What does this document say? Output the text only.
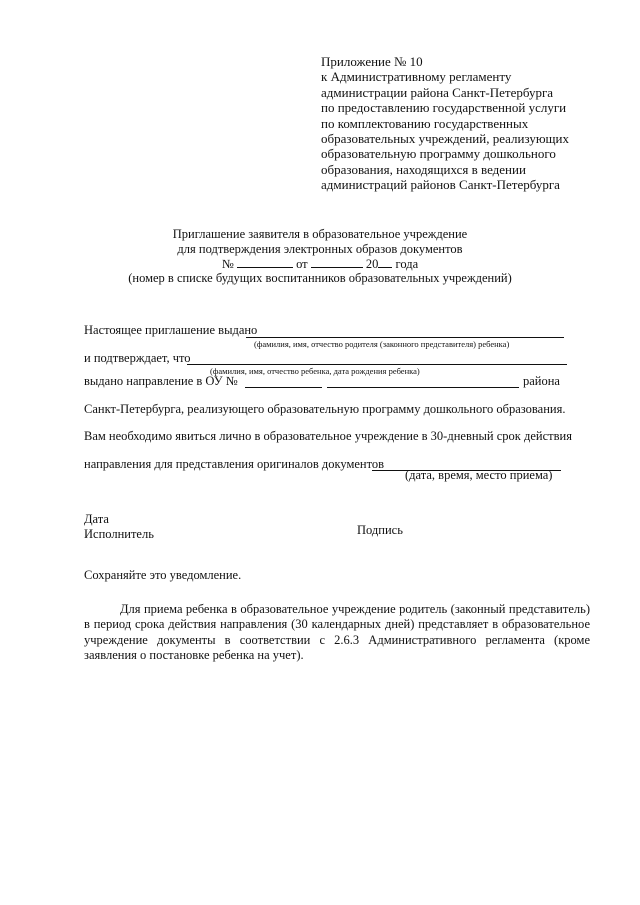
Приложение № 10
к Административному регламенту
администрации района Санкт-Петербурга
по предоставлению государственной услуги
по комплектованию государственных
образовательных учреждений, реализующих
образовательную программу дошкольного
образования, находящихся в ведении
администраций районов Санкт-Петербурга
Приглашение заявителя в образовательное учреждение
для подтверждения электронных образов документов
№	от	20 года
(номер в списке будущих воспитанников образовательных учреждений)
Настоящее приглашение выдано
(фамилия, имя, отчество родителя (законного представителя) ребенка)
и подтверждает, что
(фамилия, имя, отчество ребенка, дата рождения ребенка)
выдано направление в ОУ №	района
Санкт-Петербурга, реализующего образовательную программу дошкольного образования.
Вам необходимо явиться лично в образовательное учреждение в 30-дневный срок действия
направления для представления оригиналов документов
(дата, время, место приема)
Дата
Исполнитель	Подпись
Сохраняйте это уведомление.
Для приема ребенка в образовательное учреждение родитель (законный представитель) в период срока действия направления (30 календарных дней) представляет в образовательное учреждение документы в соответствии с 2.6.3 Административного регламента (кроме заявления о постановке ребенка на учет).
